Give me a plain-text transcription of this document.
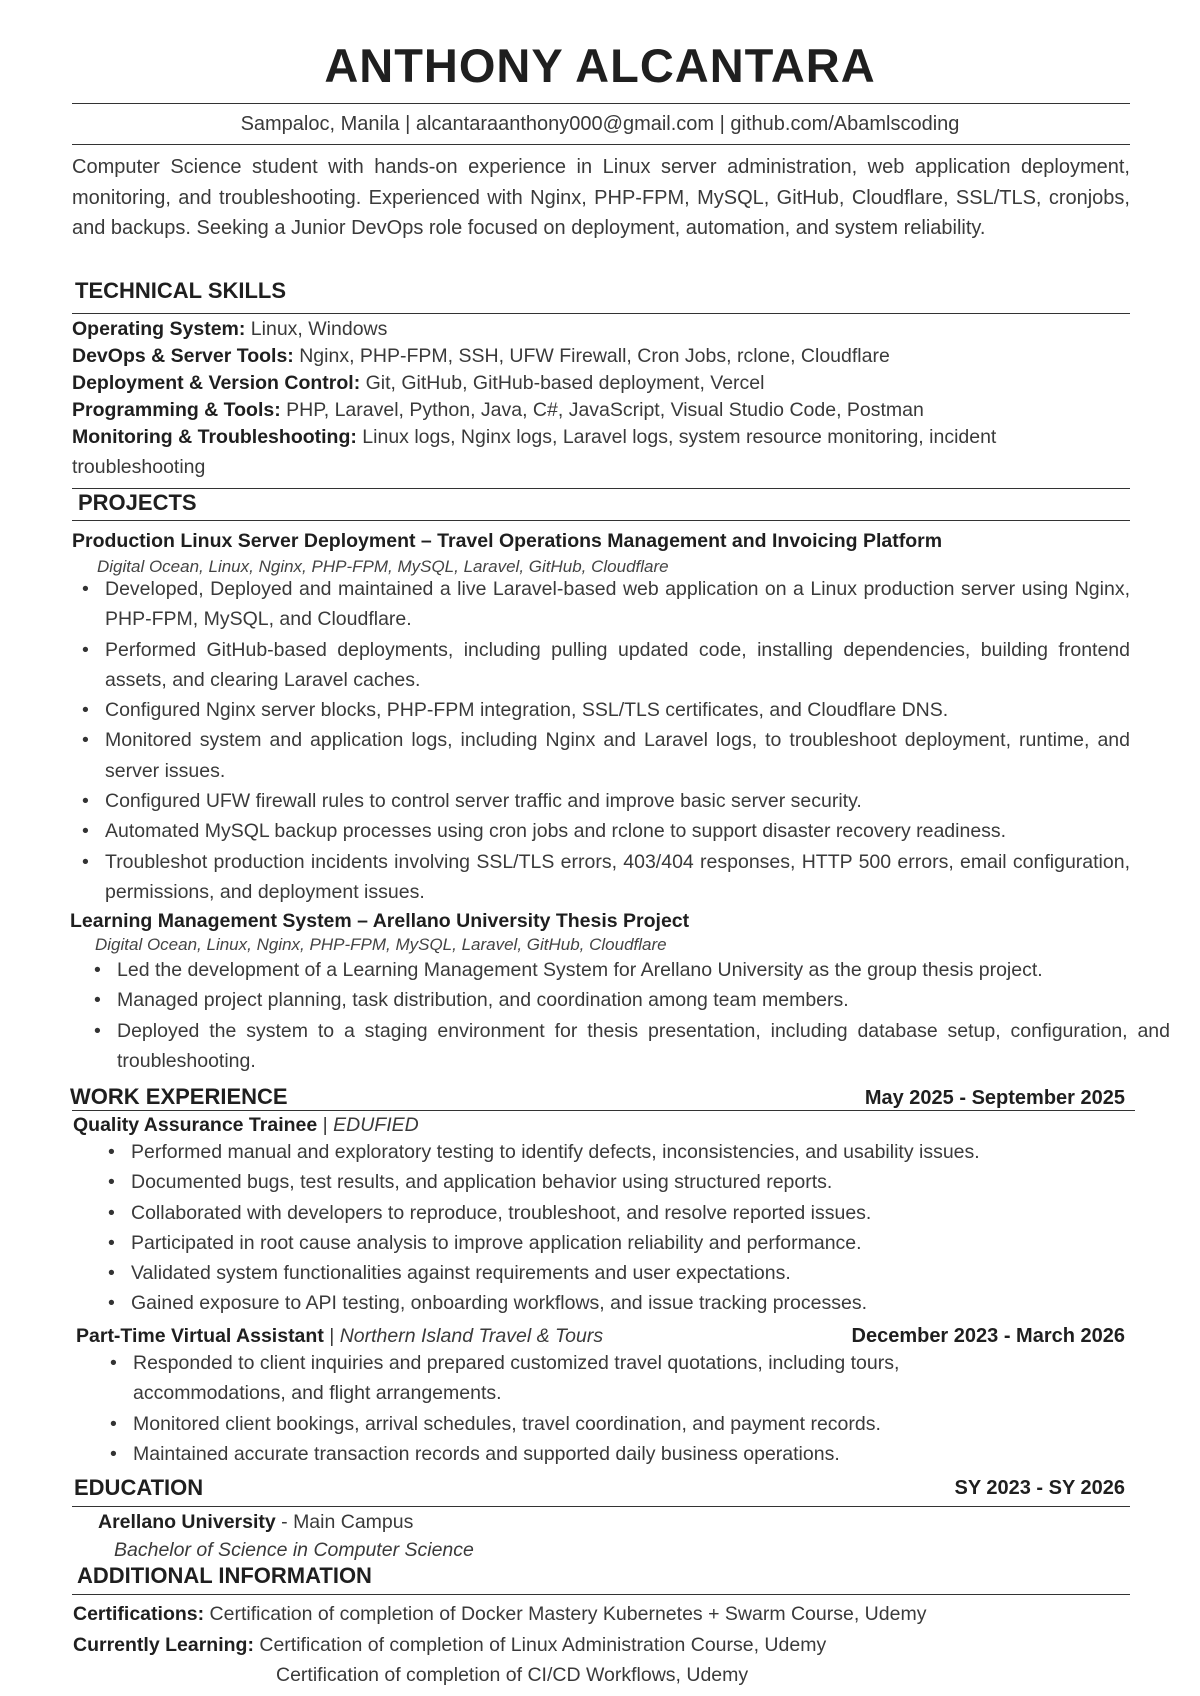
ANTHONY ALCANTARA
Sampaloc, Manila | alcantaraanthony000@gmail.com | github.com/Abamlscoding

Computer Science student with hands-on experience in Linux server administration, web application deployment, monitoring, and troubleshooting. Experienced with Nginx, PHP-FPM, MySQL, GitHub, Cloudflare, SSL/TLS, cronjobs, and backups. Seeking a Junior DevOps role focused on deployment, automation, and system reliability.

TECHNICAL SKILLS
Operating System: Linux, Windows
DevOps & Server Tools: Nginx, PHP-FPM, SSH, UFW Firewall, Cron Jobs, rclone, Cloudflare
Deployment & Version Control: Git, GitHub, GitHub-based deployment, Vercel
Programming & Tools: PHP, Laravel, Python, Java, C#, JavaScript, Visual Studio Code, Postman
Monitoring & Troubleshooting: Linux logs, Nginx logs, Laravel logs, system resource monitoring, incident
troubleshooting
PROJECTS
Production Linux Server Deployment – Travel Operations Management and Invoicing Platform
Digital Ocean, Linux, Nginx, PHP-FPM, MySQL, Laravel, GitHub, Cloudflare
• Developed, Deployed and maintained a live Laravel-based web application on a Linux production server using Nginx, PHP-FPM, MySQL, and Cloudflare.
• Performed GitHub-based deployments, including pulling updated code, installing dependencies, building frontend assets, and clearing Laravel caches.
• Configured Nginx server blocks, PHP-FPM integration, SSL/TLS certificates, and Cloudflare DNS.
• Monitored system and application logs, including Nginx and Laravel logs, to troubleshoot deployment, runtime, and server issues.
• Configured UFW firewall rules to control server traffic and improve basic server security.
• Automated MySQL backup processes using cron jobs and rclone to support disaster recovery readiness.
• Troubleshot production incidents involving SSL/TLS errors, 403/404 responses, HTTP 500 errors, email configuration, permissions, and deployment issues.
Learning Management System – Arellano University Thesis Project
Digital Ocean, Linux, Nginx, PHP-FPM, MySQL, Laravel, GitHub, Cloudflare
• Led the development of a Learning Management System for Arellano University as the group thesis project.
• Managed project planning, task distribution, and coordination among team members.
• Deployed the system to a staging environment for thesis presentation, including database setup, configuration, and troubleshooting.
WORK EXPERIENCE	May 2025 - September 2025
Quality Assurance Trainee | EDUFIED
• Performed manual and exploratory testing to identify defects, inconsistencies, and usability issues.
• Documented bugs, test results, and application behavior using structured reports.
• Collaborated with developers to reproduce, troubleshoot, and resolve reported issues.
• Participated in root cause analysis to improve application reliability and performance.
• Validated system functionalities against requirements and user expectations.
• Gained exposure to API testing, onboarding workflows, and issue tracking processes.
Part-Time Virtual Assistant | Northern Island Travel & Tours	December 2023 - March 2026
• Responded to client inquiries and prepared customized travel quotations, including tours, accommodations, and flight arrangements.
• Monitored client bookings, arrival schedules, travel coordination, and payment records.
• Maintained accurate transaction records and supported daily business operations.
EDUCATION	SY 2023 - SY 2026
Arellano University - Main Campus
Bachelor of Science in Computer Science
ADDITIONAL INFORMATION
Certifications: Certification of completion of Docker Mastery Kubernetes + Swarm Course, Udemy
Currently Learning: Certification of completion of Linux Administration Course, Udemy
Certification of completion of CI/CD Workflows, Udemy
